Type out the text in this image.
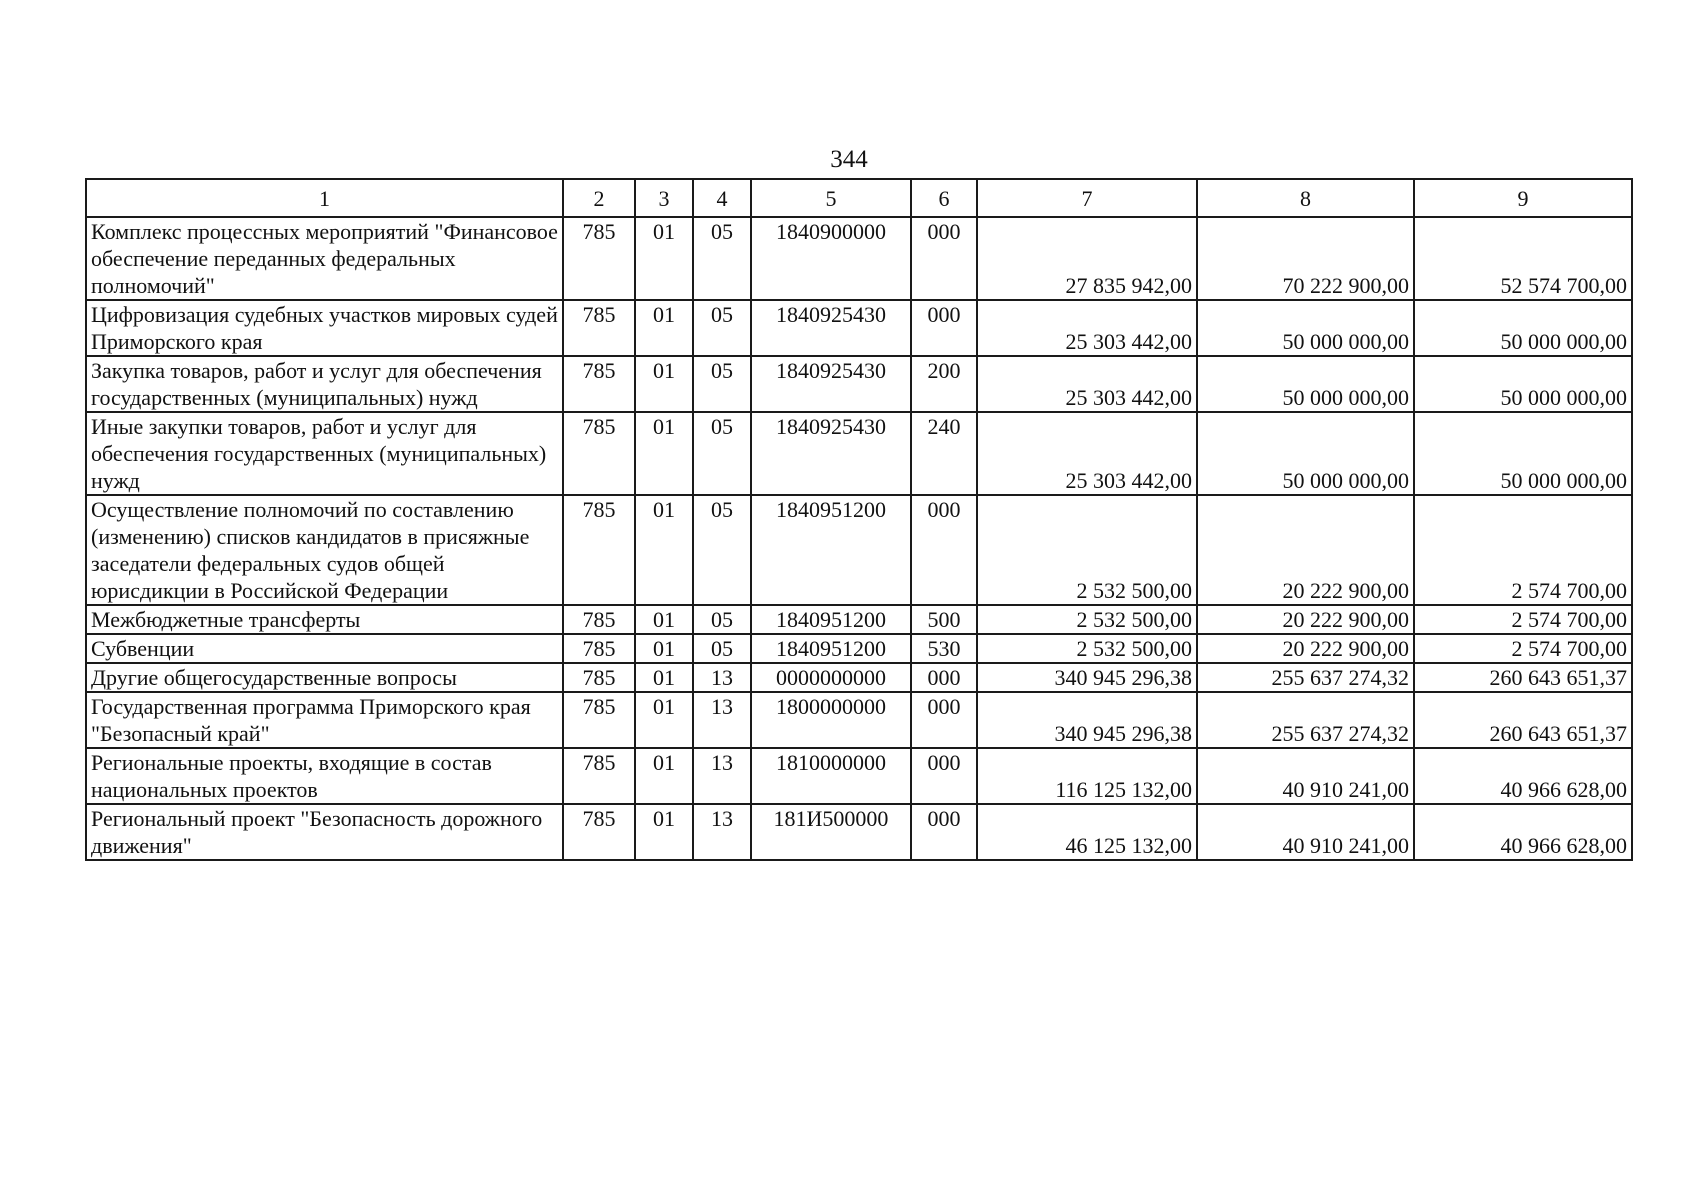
344
1	2	3	4	5	6	7	8	9
Комплекс процессных мероприятий "Финансовое обеспечение переданных федеральных полномочий"	785	01	05	1840900000	000	27 835 942,00	70 222 900,00	52 574 700,00
Цифровизация судебных участков мировых судей Приморского края	785	01	05	1840925430	000	25 303 442,00	50 000 000,00	50 000 000,00
Закупка товаров, работ и услуг для обеспечения государственных (муниципальных) нужд	785	01	05	1840925430	200	25 303 442,00	50 000 000,00	50 000 000,00
Иные закупки товаров, работ и услуг для обеспечения государственных (муниципальных) нужд	785	01	05	1840925430	240	25 303 442,00	50 000 000,00	50 000 000,00
Осуществление полномочий по составлению (изменению) списков кандидатов в присяжные заседатели федеральных судов общей юрисдикции в Российской Федерации	785	01	05	1840951200	000	2 532 500,00	20 222 900,00	2 574 700,00
Межбюджетные трансферты	785	01	05	1840951200	500	2 532 500,00	20 222 900,00	2 574 700,00
Субвенции	785	01	05	1840951200	530	2 532 500,00	20 222 900,00	2 574 700,00
Другие общегосударственные вопросы	785	01	13	0000000000	000	340 945 296,38	255 637 274,32	260 643 651,37
Государственная программа Приморского края "Безопасный край"	785	01	13	1800000000	000	340 945 296,38	255 637 274,32	260 643 651,37
Региональные проекты, входящие в состав национальных проектов	785	01	13	1810000000	000	116 125 132,00	40 910 241,00	40 966 628,00
Региональный проект "Безопасность дорожного движения"	785	01	13	181И500000	000	46 125 132,00	40 910 241,00	40 966 628,00
